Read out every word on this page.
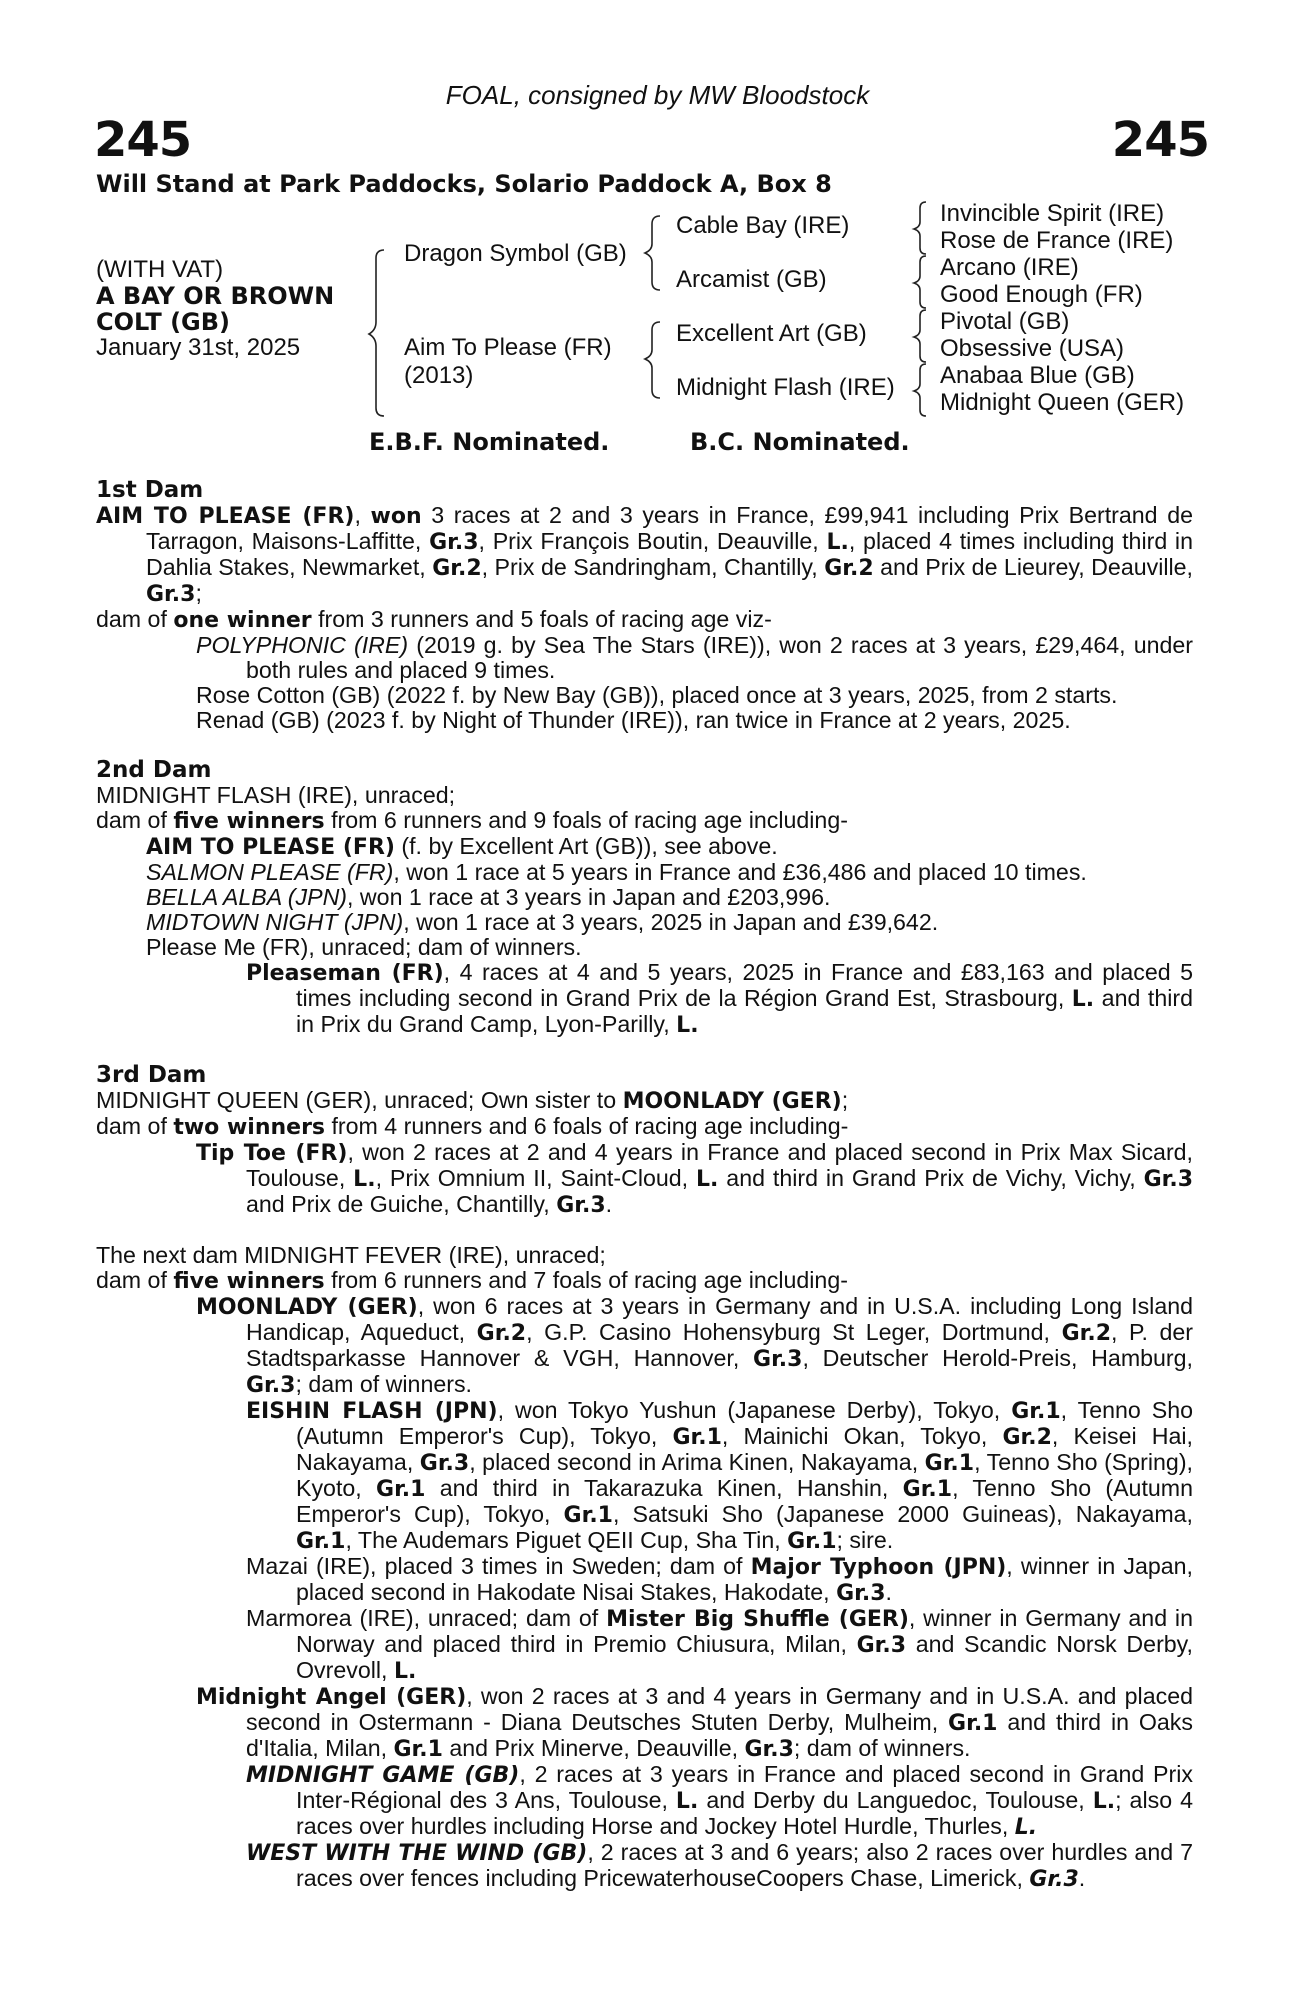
FOAL, consigned by MW Bloodstock
245	245
Will Stand at Park Paddocks, Solario Paddock A, Box 8
(WITH VAT)
A BAY OR BROWN
COLT (GB)
January 31st, 2025
Dragon Symbol (GB)
Aim To Please (FR)
(2013)
Cable Bay (IRE)
Arcamist (GB)
Excellent Art (GB)
Midnight Flash (IRE)
Invincible Spirit (IRE)
Rose de France (IRE)
Arcano (IRE)
Good Enough (FR)
Pivotal (GB)
Obsessive (USA)
Anabaa Blue (GB)
Midnight Queen (GER)
E.B.F. Nominated.	B.C. Nominated.

1st Dam

AIM TO PLEASE (FR), won 3 races at 2 and 3 years in France, £99,941 including Prix Bertrand de Tarragon, Maisons-Laffitte, Gr.3, Prix François Boutin, Deauville, L., placed 4 times including third in Dahlia Stakes, Newmarket, Gr.2, Prix de Sandringham, Chantilly, Gr.2 and Prix de Lieurey, Deauville, Gr.3;

dam of one winner from 3 runners and 5 foals of racing age viz-

POLYPHONIC (IRE) (2019 g. by Sea The Stars (IRE)), won 2 races at 3 years, £29,464, under both rules and placed 9 times.

Rose Cotton (GB) (2022 f. by New Bay (GB)), placed once at 3 years, 2025, from 2 starts.

Renad (GB) (2023 f. by Night of Thunder (IRE)), ran twice in France at 2 years, 2025.

2nd Dam

MIDNIGHT FLASH (IRE), unraced;

dam of five winners from 6 runners and 9 foals of racing age including-

AIM TO PLEASE (FR) (f. by Excellent Art (GB)), see above.

SALMON PLEASE (FR), won 1 race at 5 years in France and £36,486 and placed 10 times.

BELLA ALBA (JPN), won 1 race at 3 years in Japan and £203,996.

MIDTOWN NIGHT (JPN), won 1 race at 3 years, 2025 in Japan and £39,642.

Please Me (FR), unraced; dam of winners.

Pleaseman (FR), 4 races at 4 and 5 years, 2025 in France and £83,163 and placed 5 times including second in Grand Prix de la Région Grand Est, Strasbourg, L. and third in Prix du Grand Camp, Lyon-Parilly, L.

3rd Dam

MIDNIGHT QUEEN (GER), unraced; Own sister to MOONLADY (GER);

dam of two winners from 4 runners and 6 foals of racing age including-

Tip Toe (FR), won 2 races at 2 and 4 years in France and placed second in Prix Max Sicard, Toulouse, L., Prix Omnium II, Saint-Cloud, L. and third in Grand Prix de Vichy, Vichy, Gr.3 and Prix de Guiche, Chantilly, Gr.3.

The next dam MIDNIGHT FEVER (IRE), unraced;

dam of five winners from 6 runners and 7 foals of racing age including-

MOONLADY (GER), won 6 races at 3 years in Germany and in U.S.A. including Long Island Handicap, Aqueduct, Gr.2, G.P. Casino Hohensyburg St Leger, Dortmund, Gr.2, P. der Stadtsparkasse Hannover & VGH, Hannover, Gr.3, Deutscher Herold-Preis, Hamburg, Gr.3; dam of winners.

EISHIN FLASH (JPN), won Tokyo Yushun (Japanese Derby), Tokyo, Gr.1, Tenno Sho (Autumn Emperor's Cup), Tokyo, Gr.1, Mainichi Okan, Tokyo, Gr.2, Keisei Hai, Nakayama, Gr.3, placed second in Arima Kinen, Nakayama, Gr.1, Tenno Sho (Spring), Kyoto, Gr.1 and third in Takarazuka Kinen, Hanshin, Gr.1, Tenno Sho (Autumn Emperor's Cup), Tokyo, Gr.1, Satsuki Sho (Japanese 2000 Guineas), Nakayama, Gr.1, The Audemars Piguet QEII Cup, Sha Tin, Gr.1; sire.

Mazai (IRE), placed 3 times in Sweden; dam of Major Typhoon (JPN), winner in Japan, placed second in Hakodate Nisai Stakes, Hakodate, Gr.3.

Marmorea (IRE), unraced; dam of Mister Big Shuffle (GER), winner in Germany and in Norway and placed third in Premio Chiusura, Milan, Gr.3 and Scandic Norsk Derby, Ovrevoll, L.

Midnight Angel (GER), won 2 races at 3 and 4 years in Germany and in U.S.A. and placed second in Ostermann - Diana Deutsches Stuten Derby, Mulheim, Gr.1 and third in Oaks d'Italia, Milan, Gr.1 and Prix Minerve, Deauville, Gr.3; dam of winners.

MIDNIGHT GAME (GB), 2 races at 3 years in France and placed second in Grand Prix Inter-Régional des 3 Ans, Toulouse, L. and Derby du Languedoc, Toulouse, L.; also 4 races over hurdles including Horse and Jockey Hotel Hurdle, Thurles, L.

WEST WITH THE WIND (GB), 2 races at 3 and 6 years; also 2 races over hurdles and 7 races over fences including PricewaterhouseCoopers Chase, Limerick, Gr.3.
